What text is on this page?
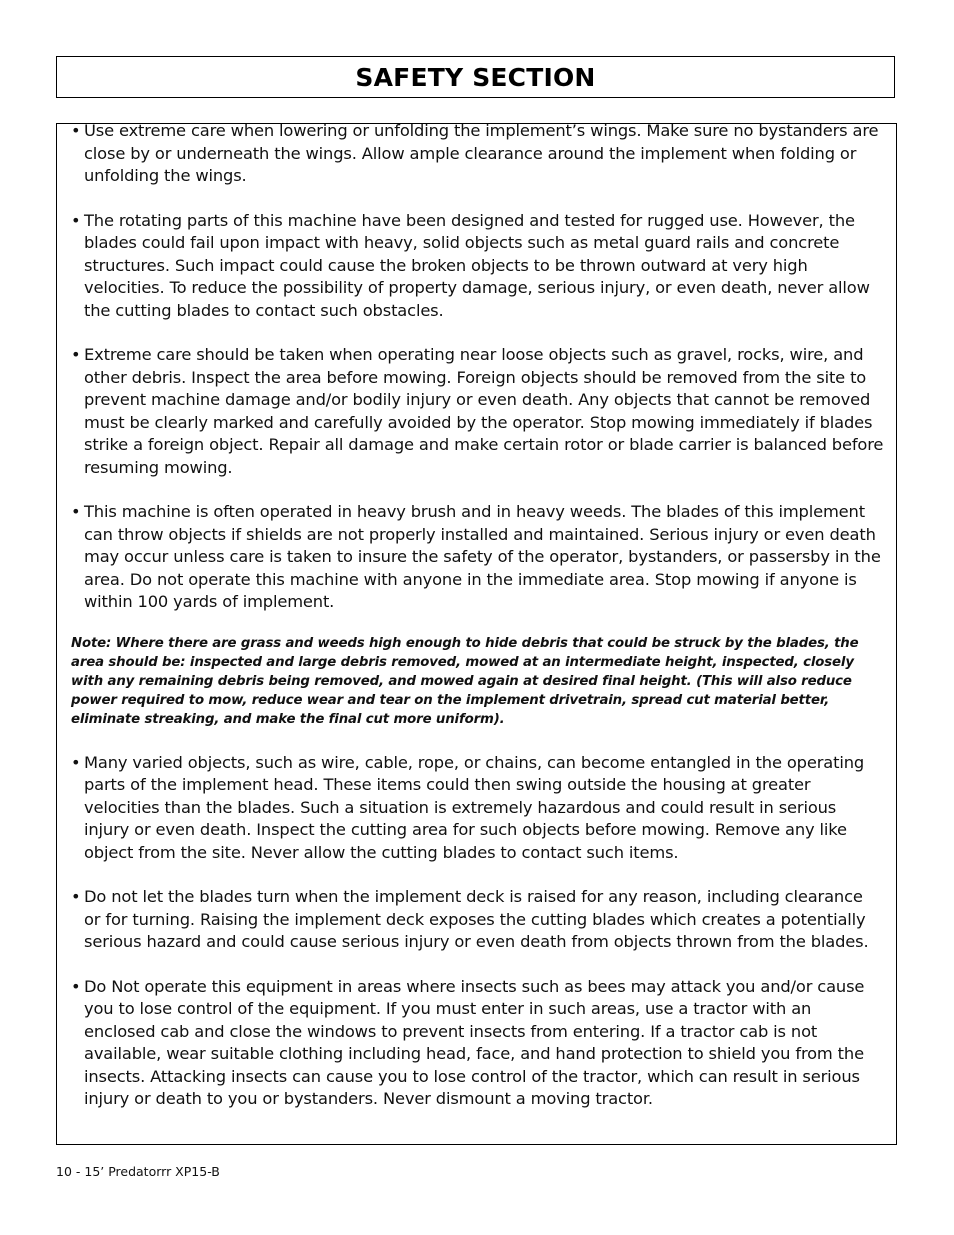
SAFETY SECTION

• Use extreme care when lowering or unfolding the implement’s wings. Make sure no bystanders are close by or underneath the wings. Allow ample clearance around the implement when folding or unfolding the wings.

• The rotating parts of this machine have been designed and tested for rugged use. However, the blades could fail upon impact with heavy, solid objects such as metal guard rails and concrete structures. Such impact could cause the broken objects to be thrown outward at very high velocities. To reduce the possibility of property damage, serious injury, or even death, never allow the cutting blades to contact such obstacles.

• Extreme care should be taken when operating near loose objects such as gravel, rocks, wire, and other debris. Inspect the area before mowing. Foreign objects should be removed from the site to prevent machine damage and/or bodily injury or even death. Any objects that cannot be removed must be clearly marked and carefully avoided by the operator. Stop mowing immediately if blades strike a foreign object. Repair all damage and make certain rotor or blade carrier is balanced before resuming mowing.

• This machine is often operated in heavy brush and in heavy weeds. The blades of this implement can throw objects if shields are not properly installed and maintained. Serious injury or even death may occur unless care is taken to insure the safety of the operator, bystanders, or passersby in the area. Do not operate this machine with anyone in the immediate area. Stop mowing if anyone is within 100 yards of implement.

Note: Where there are grass and weeds high enough to hide debris that could be struck by the blades, the area should be: inspected and large debris removed, mowed at an intermediate height, inspected, closely with any remaining debris being removed, and mowed again at desired final height. (This will also reduce power required to mow, reduce wear and tear on the implement drivetrain, spread cut material better, eliminate streaking, and make the final cut more uniform).

• Many varied objects, such as wire, cable, rope, or chains, can become entangled in the operating parts of the implement head. These items could then swing outside the housing at greater velocities than the blades. Such a situation is extremely hazardous and could result in serious injury or even death. Inspect the cutting area for such objects before mowing. Remove any like object from the site. Never allow the cutting blades to contact such items.

• Do not let the blades turn when the implement deck is raised for any reason, including clearance or for turning. Raising the implement deck exposes the cutting blades which creates a potentially serious hazard and could cause serious injury or even death from objects thrown from the blades.

• Do Not operate this equipment in areas where insects such as bees may attack you and/or cause you to lose control of the equipment. If you must enter in such areas, use a tractor with an enclosed cab and close the windows to prevent insects from entering. If a tractor cab is not available, wear suitable clothing including head, face, and hand protection to shield you from the insects. Attacking insects can cause you to lose control of the tractor, which can result in serious injury or death to you or bystanders. Never dismount a moving tractor.

10 - 15’ Predatorrr XP15-B
